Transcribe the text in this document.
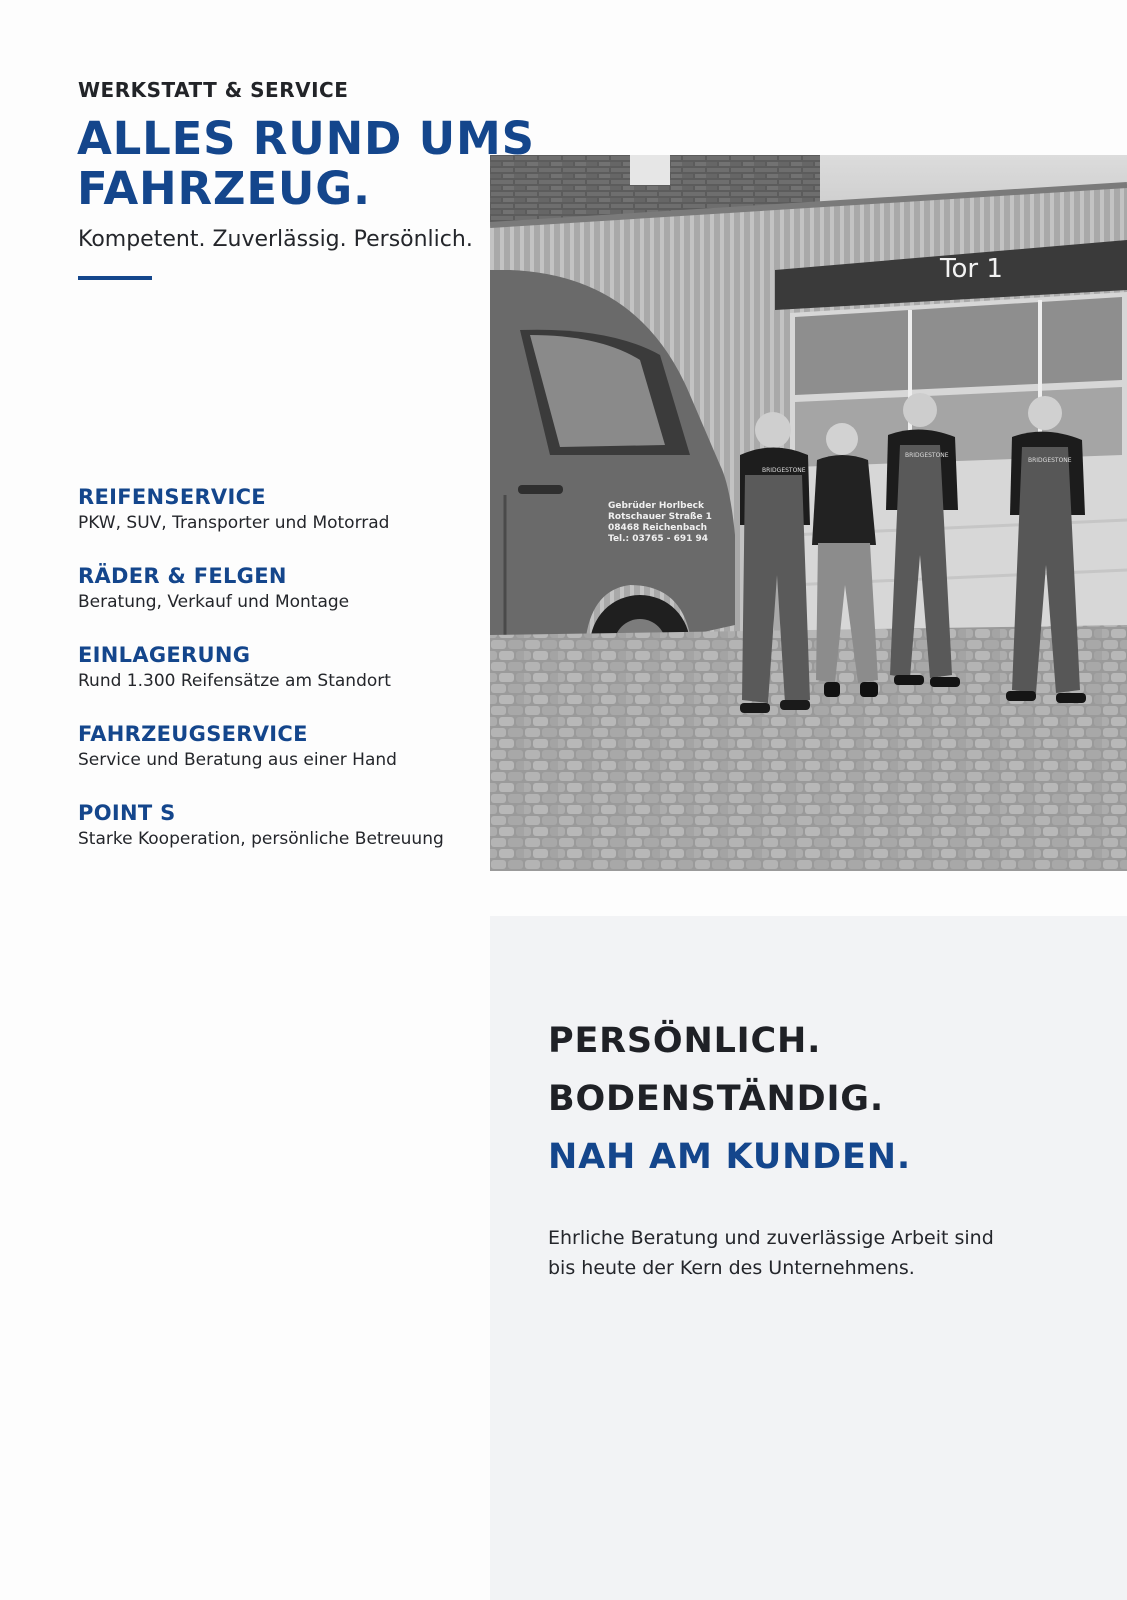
WERKSTATT & SERVICE

ALLES RUND UMS
FAHRZEUG.

Kompetent. Zuverlässig. Persönlich.

REIFENSERVICE

PKW, SUV, Transporter und Motorrad

RÄDER & FELGEN

Beratung, Verkauf und Montage

EINLAGERUNG

Rund 1.300 Reifensätze am Standort

FAHRZEUGSERVICE

Service und Beratung aus einer Hand

POINT S

Starke Kooperation, persönliche Betreuung

Tor 1
Gebrüder Horlbeck Rotschauer Straße 1 08468 Reichenbach Tel.: 03765 - 691 94
BRIDGESTONE
BRIDGESTONE
BRIDGESTONE
PERSÖNLICH.
BODENSTÄNDIG.
NAH AM KUNDEN.

Ehrliche Beratung und zuverlässige Arbeit sind bis heute der Kern des Unternehmens.
